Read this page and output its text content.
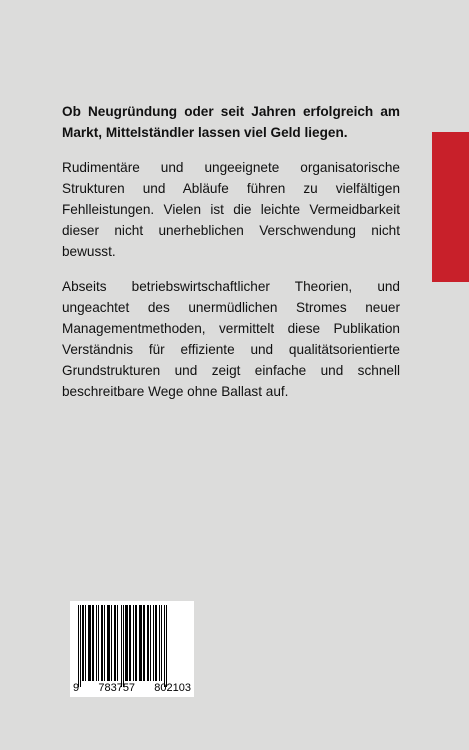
Ob Neugründung oder seit Jahren erfolgreich am Markt, Mittelständler lassen viel Geld liegen.

Rudimentäre und ungeeignete organisatorische Strukturen und Abläufe führen zu vielfältigen Fehlleistungen. Vielen ist die leichte Vermeidbarkeit dieser nicht unerheblichen Verschwendung nicht bewusst.

Abseits betriebswirtschaftlicher Theorien, und ungeachtet des unermüdlichen Stromes neuer Managementmethoden, vermittelt diese Publikation Verständnis für effiziente und qualitätsorientierte Grundstrukturen und zeigt einfache und schnell beschreitbare Wege ohne Ballast auf.

9 783757 802103
